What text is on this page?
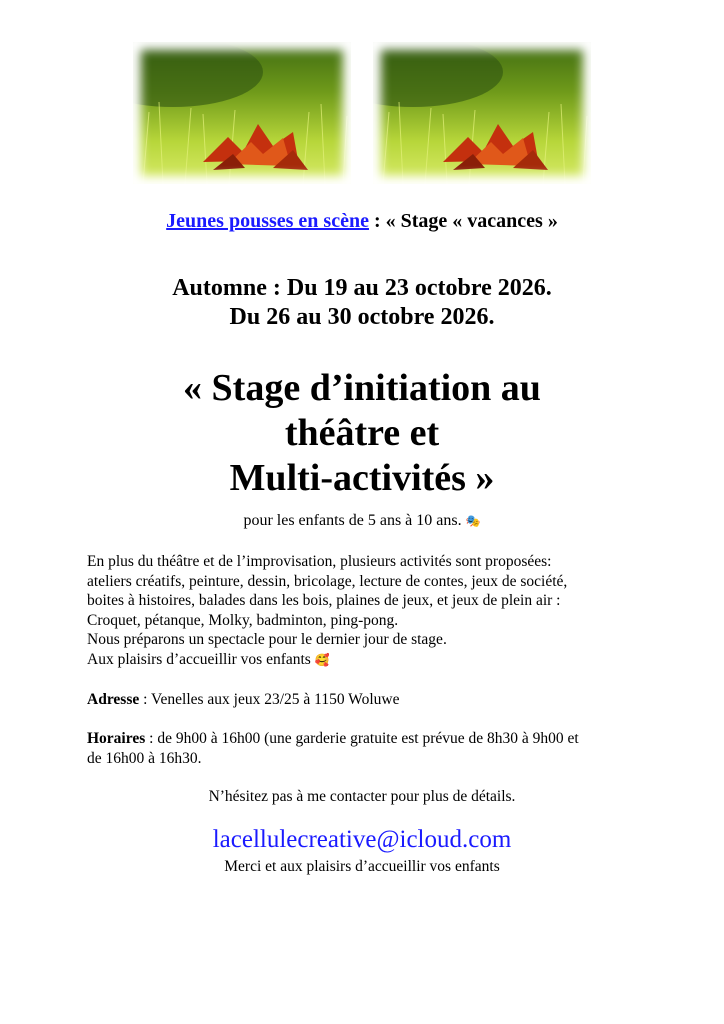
Jeunes pousses en scène : « Stage « vacances »
Automne : Du 19 au 23 octobre 2026.
Du 26 au 30 octobre 2026.
« Stage d’initiation au
théâtre et
Multi-activités »
pour les enfants de 5 ans à 10 ans. 🎭
En plus du théâtre et de l’improvisation, plusieurs activités sont proposées:
ateliers créatifs, peinture, dessin, bricolage, lecture de contes, jeux de société,
boites à histoires, balades dans les bois, plaines de jeux, et jeux de plein air :
Croquet, pétanque, Molky, badminton, ping-pong.
Nous préparons un spectacle pour le dernier jour de stage.
Aux plaisirs d’accueillir vos enfants 🥰
Adresse : Venelles aux jeux 23/25 à 1150 Woluwe
Horaires : de 9h00 à 16h00 (une garderie gratuite est prévue de 8h30 à 9h00 et
de 16h00 à 16h30.
N’hésitez pas à me contacter pour plus de détails.
lacellulecreative@icloud.com
Merci et aux plaisirs d’accueillir vos enfants
